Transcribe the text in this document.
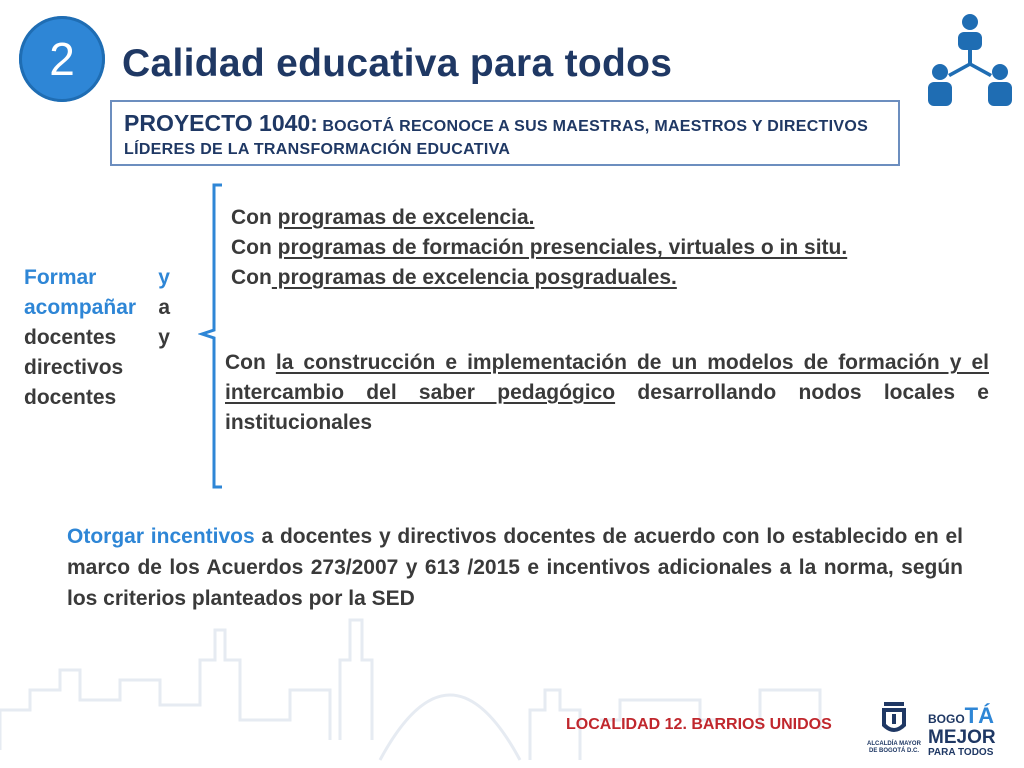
2	Calidad educativa para todos
PROYECTO 1040: BOGOTÁ RECONOCE A SUS MAESTRAS, MAESTROS Y DIRECTIVOS LÍDERES DE LA TRANSFORMACIÓN EDUCATIVA
Formar y acompañar a docentes y directivos docentes
Con programas de excelencia.
Con programas de formación presenciales, virtuales o in situ.
Con programas de excelencia posgraduales.
Con la construcción e implementación de un modelos de formación y el intercambio del saber pedagógico desarrollando nodos locales e institucionales
Otorgar incentivos a docentes y directivos docentes de acuerdo con lo establecido en el marco de los Acuerdos 273/2007 y 613 /2015 e incentivos adicionales a la norma, según los criterios planteados por la SED
LOCALIDAD 12. BARRIOS UNIDOS
ALCALDÍA MAYOR DE BOGOTÁ D.C.
BOGOTÁ
MEJOR
PARA TODOS
